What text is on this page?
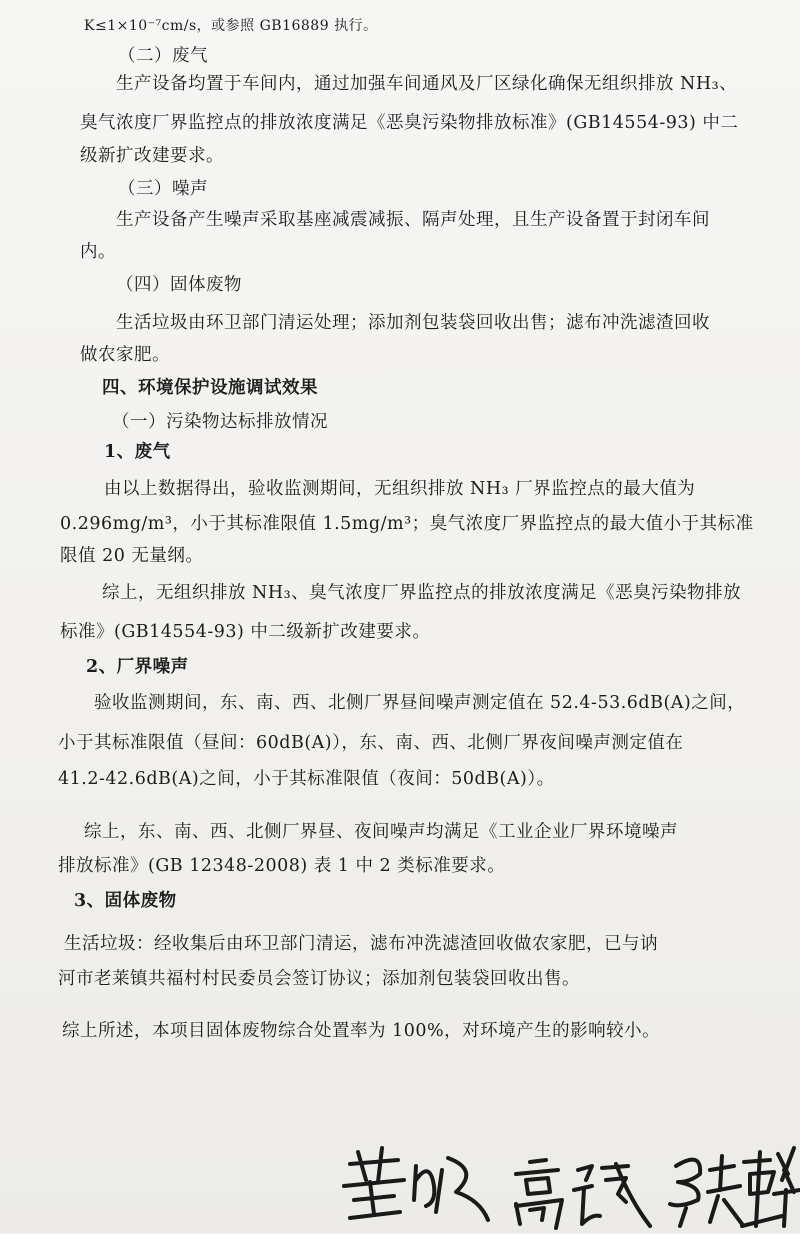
K≤1×10⁻⁷cm/s，或参照 GB16889 执行。
（二）废气
生产设备均置于车间内，通过加强车间通风及厂区绿化确保无组织排放 NH₃、
臭气浓度厂界监控点的排放浓度满足《恶臭污染物排放标准》(GB14554-93) 中二
级新扩改建要求。
（三）噪声
生产设备产生噪声采取基座减震减振、隔声处理，且生产设备置于封闭车间
内。
（四）固体废物
生活垃圾由环卫部门清运处理；添加剂包装袋回收出售；滤布冲洗滤渣回收
做农家肥。
四、环境保护设施调试效果
（一）污染物达标排放情况
1、废气
由以上数据得出，验收监测期间，无组织排放 NH₃ 厂界监控点的最大值为
0.296mg/m³，小于其标准限值 1.5mg/m³；臭气浓度厂界监控点的最大值小于其标准
限值 20 无量纲。
综上，无组织排放 NH₃、臭气浓度厂界监控点的排放浓度满足《恶臭污染物排放
标准》(GB14554-93) 中二级新扩改建要求。
2、厂界噪声
验收监测期间，东、南、西、北侧厂界昼间噪声测定值在 52.4-53.6dB(A)之间，
小于其标准限值（昼间：60dB(A)），东、南、西、北侧厂界夜间噪声测定值在
41.2-42.6dB(A)之间，小于其标准限值（夜间：50dB(A)）。
综上，东、南、西、北侧厂界昼、夜间噪声均满足《工业企业厂界环境噪声
排放标准》(GB 12348-2008) 表 1 中 2 类标准要求。
3、固体废物
生活垃圾：经收集后由环卫部门清运，滤布冲洗滤渣回收做农家肥，已与讷
河市老莱镇共福村村民委员会签订协议；添加剂包装袋回收出售。
综上所述，本项目固体废物综合处置率为 100%，对环境产生的影响较小。
